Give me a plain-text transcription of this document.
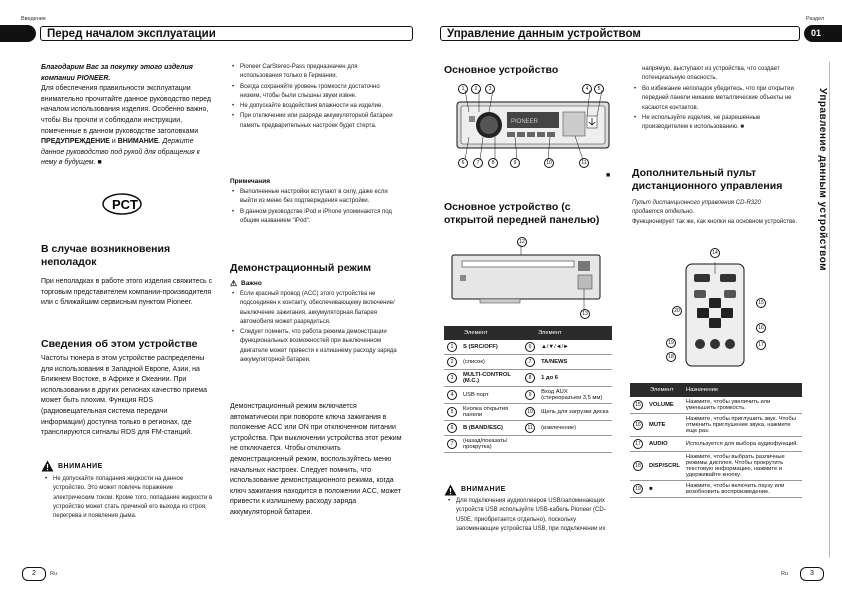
Введение
Перед началом эксплуатации
Благодарим Вас за покупку этого изделия компании PIONEER.
Для обеспечения правильности эксплуатации внимательно прочитайте данное руководство перед началом использования изделия. Особенно важно, чтобы Вы прочли и соблюдали инструкции, помеченные в данном руководстве заголовками ПРЕДУПРЕЖДЕНИЕ и ВНИМАНИЕ. Держите данное руководство под рукой для обращения к нему в будущем. ■
PCT
В случае возникновения неполадок
При неполадках в работе этого изделия свяжитесь с торговым представителем компании-производителя или с ближайшим сервисным пунктом Pioneer.
Сведения об этом устройстве
Частоты тюнера в этом устройстве распределены для использования в Западной Европе, Азии, на Ближнем Востоке, в Африке и Океании. При использовании в других регионах качество приема может быть плохим. Функция RDS (радиовещательная система передачи информации) доступна только в регионах, где транслируются сигналы RDS для FM-станций.
ВНИМАНИЕ
• Не допускайте попадания жидкости на данное устройство. Это может повлечь поражение электрическим током. Кроме того, попадание жидкости в устройство может стать причиной его выхода из строя, перегрева и появления дыма.
• Pioneer CarStereo-Pass предназначен для использования только в Германии.
• Всегда сохраняйте уровень громкости достаточно низким, чтобы были слышны звуки извне.
• Не допускайте воздействия влажности на изделие.
• При отключении или разряде аккумуляторной батареи память предварительных настроек будет стерта.
Примечания
• Выполненные настройки вступают в силу, даже если выйти из меню без подтверждения настройки.
• В данном руководстве iPod и iPhone упоминаются под общим названием "iPod".
Демонстрационный режим
⚠ Важно
• Если красный провод (ACC) этого устройства не подсоединен к контакту, обеспечивающему включение/выключение зажигания, аккумуляторная батарея автомобиля может разрядиться.
• Следует помнить, что работа режима демонстрации функциональных возможностей при выключенном двигателе может привести к излишнему расходу заряда аккумуляторной батареи.
Демонстрационный режим включается автоматически при повороте ключа зажигания в положение ACC или ON при отключенном питании устройства. При выключении устройства этот режим не отключается. Чтобы отключить демонстрационный режим, воспользуйтесь меню начальных настроек. Следует помнить, что использование демонстрационного режима, когда ключ зажигания находится в положении ACC, может привести к излишнему расходу заряда аккумуляторной батареи.
2	Ru
Раздел
Управление данным устройством	01
Управление данным устройством
Основное устройство
PIONEER
1	2	3	4	5
6	7	8	9	10	11
■
Основное устройство (с открытой передней панелью)
12
13
Элемент		Элемент	
1	S (SRC/OFF)	6	▲/▼/◄/►
2	(список)	7	TA/NEWS
3	MULTI-CONTROL (M.C.)	8	1 до 6
4	USB порт	9	Вход AUX (стереоразъем 3,5 мм)
5	Кнопка открытия панели	10	Щель для загрузки диска
6	B (BAND/ESC)	11	(извлечение)
7	(назад/показать/прокрутка)		
ВНИМАНИЕ
• Для подключения аудиоплееров USB/запоминающих устройств USB используйте USB-кабель Pioneer (CD-U50E, приобретается отдельно), поскольку запоминающие устройства USB, при подключении их
напрямую, выступают из устройства, что создает потенциальную опасность.
• Во избежание неполадок убедитесь, что при открытии передней панели никакие металлические объекты не касаются контактов.
• Не используйте изделия, не разрешенные производителем к использованию. ■
Дополнительный пульт дистанционного управления
Пульт дистанционного управления CD-R320 продается отдельно.
Функционирует так же, как кнопки на основном устройстве.
14
15
16
17
18
19
20
Элемент		Назначение
15	VOLUME	Нажмите, чтобы увеличить или уменьшить громкость.
16	MUTE	Нажмите, чтобы приглушить звук. Чтобы отменить приглушение звука, нажмите еще раз.
17	AUDIO	Используется для выбора аудиофункций.
18	DISP/SCRL	Нажмите, чтобы выбрать различные режимы дисплея. Чтобы прокрутить текстовую информацию, нажмите и удерживайте кнопку.
19	■	Нажмите, чтобы включить паузу или возобновить воспроизведение.
Ru	3
